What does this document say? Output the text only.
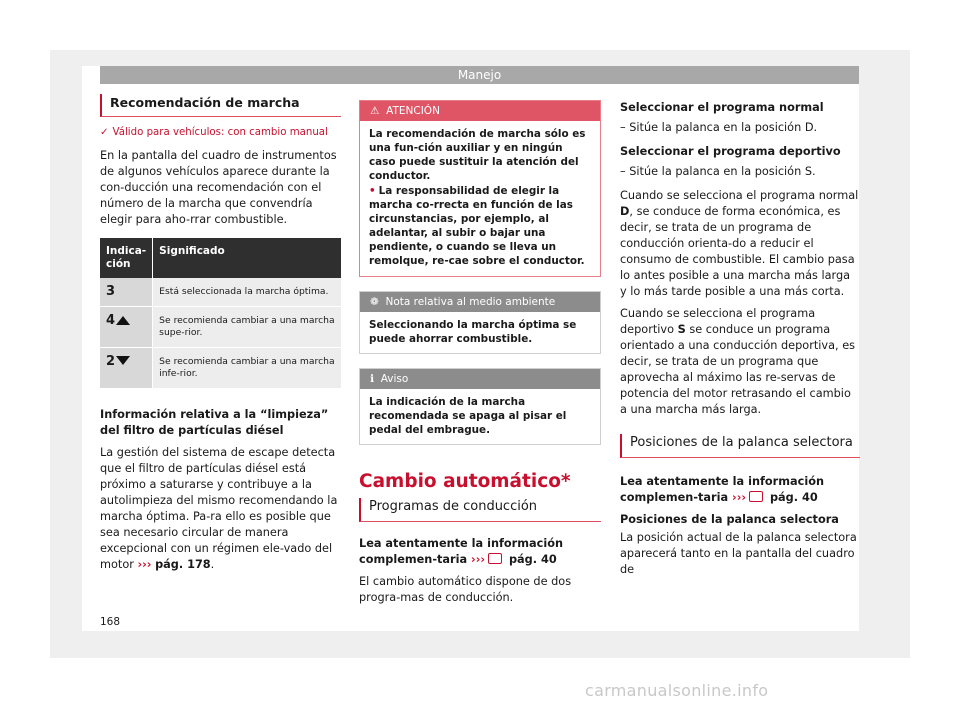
Manejo
Recomendación de marcha
✓ Válido para vehículos: con cambio manual

En la pantalla del cuadro de instrumentos de algunos vehículos aparece durante la con-ducción una recomendación con el número de la marcha que convendría elegir para aho-rrar combustible.

Indica-ción	Significado
3	Está seleccionada la marcha óptima.
4	Se recomienda cambiar a una marcha supe-rior.
2	Se recomienda cambiar a una marcha infe-rior.

Información relativa a la “limpieza” del filtro de partículas diésel

La gestión del sistema de escape detecta que el filtro de partículas diésel está próximo a saturarse y contribuye a la autolimpieza del mismo recomendando la marcha óptima. Pa-ra ello es posible que sea necesario circular de manera excepcional con un régimen ele-vado del motor ››› pág. 178.

⚠ ATENCIÓN

La recomendación de marcha sólo es una fun-ción auxiliar y en ningún caso puede sustituir la atención del conductor.

• La responsabilidad de elegir la marcha co-rrecta en función de las circunstancias, por ejemplo, al adelantar, al subir o bajar una pendiente, o cuando se lleva un remolque, re-cae sobre el conductor.

❁ Nota relativa al medio ambiente
Seleccionando la marcha óptima se puede ahorrar combustible.
ℹ Aviso
La indicación de la marcha recomendada se apaga al pisar el pedal del embrague.
Cambio automático*
Programas de conducción

Lea atentamente la información complemen-taria ››› pág. 40

El cambio automático dispone de dos progra-mas de conducción.

Seleccionar el programa normal

– Sitúe la palanca en la posición D.

Seleccionar el programa deportivo

– Sitúe la palanca en la posición S.

Cuando se selecciona el programa normal D, se conduce de forma económica, es decir, se trata de un programa de conducción orienta-do a reducir el consumo de combustible. El cambio pasa lo antes posible a una marcha más larga y lo más tarde posible a una más corta.

Cuando se selecciona el programa deportivo S se conduce un programa orientado a una conducción deportiva, es decir, se trata de un programa que aprovecha al máximo las re-servas de potencia del motor retrasando el cambio a una marcha más larga.

Posiciones de la palanca selectora

Lea atentamente la información complemen-taria ››› pág. 40

Posiciones de la palanca selectora

La posición actual de la palanca selectora aparecerá tanto en la pantalla del cuadro de

168
carmanualsonline.info
